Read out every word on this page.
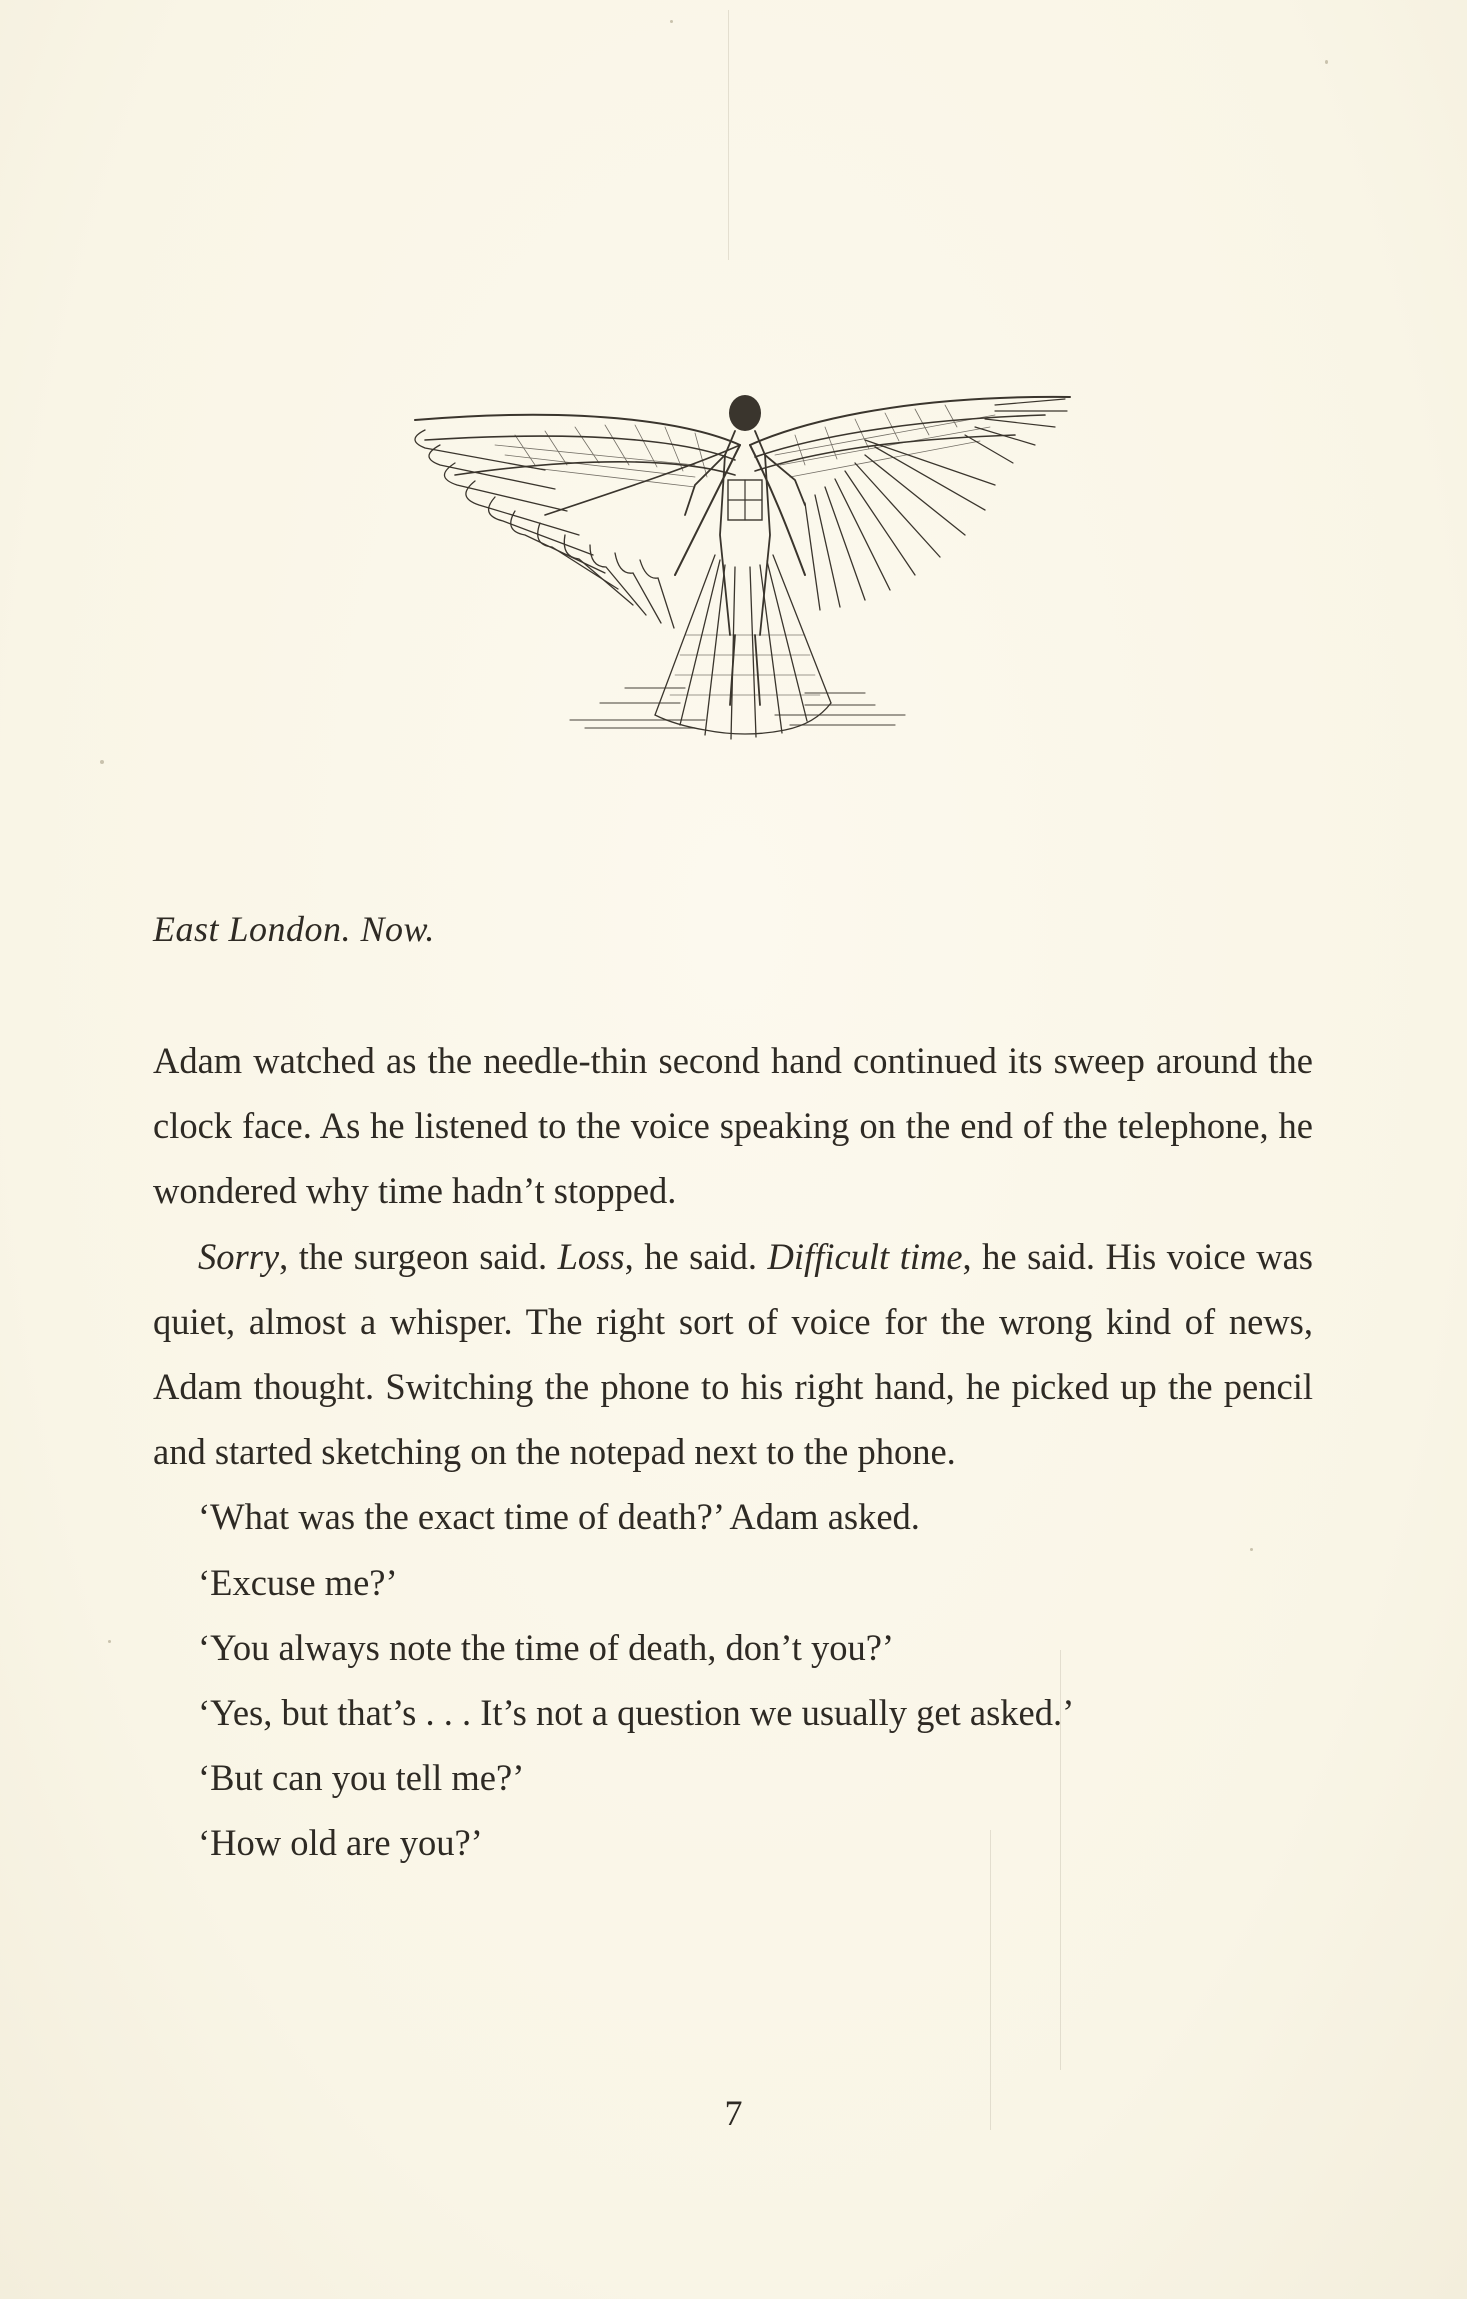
East London. Now.

Adam watched as the needle-thin second hand continued its sweep around the clock face. As he listened to the voice speaking on the end of the telephone, he wondered why time hadn’t stopped.

Sorry, the surgeon said. Loss, he said. Difficult time, he said. His voice was quiet, almost a whisper. The right sort of voice for the wrong kind of news, Adam thought. Switching the phone to his right hand, he picked up the pencil and started sketching on the notepad next to the phone.

‘What was the exact time of death?’ Adam asked.

‘Excuse me?’

‘You always note the time of death, don’t you?’

‘Yes, but that’s . . . It’s not a question we usually get asked.’

‘But can you tell me?’

‘How old are you?’

7
